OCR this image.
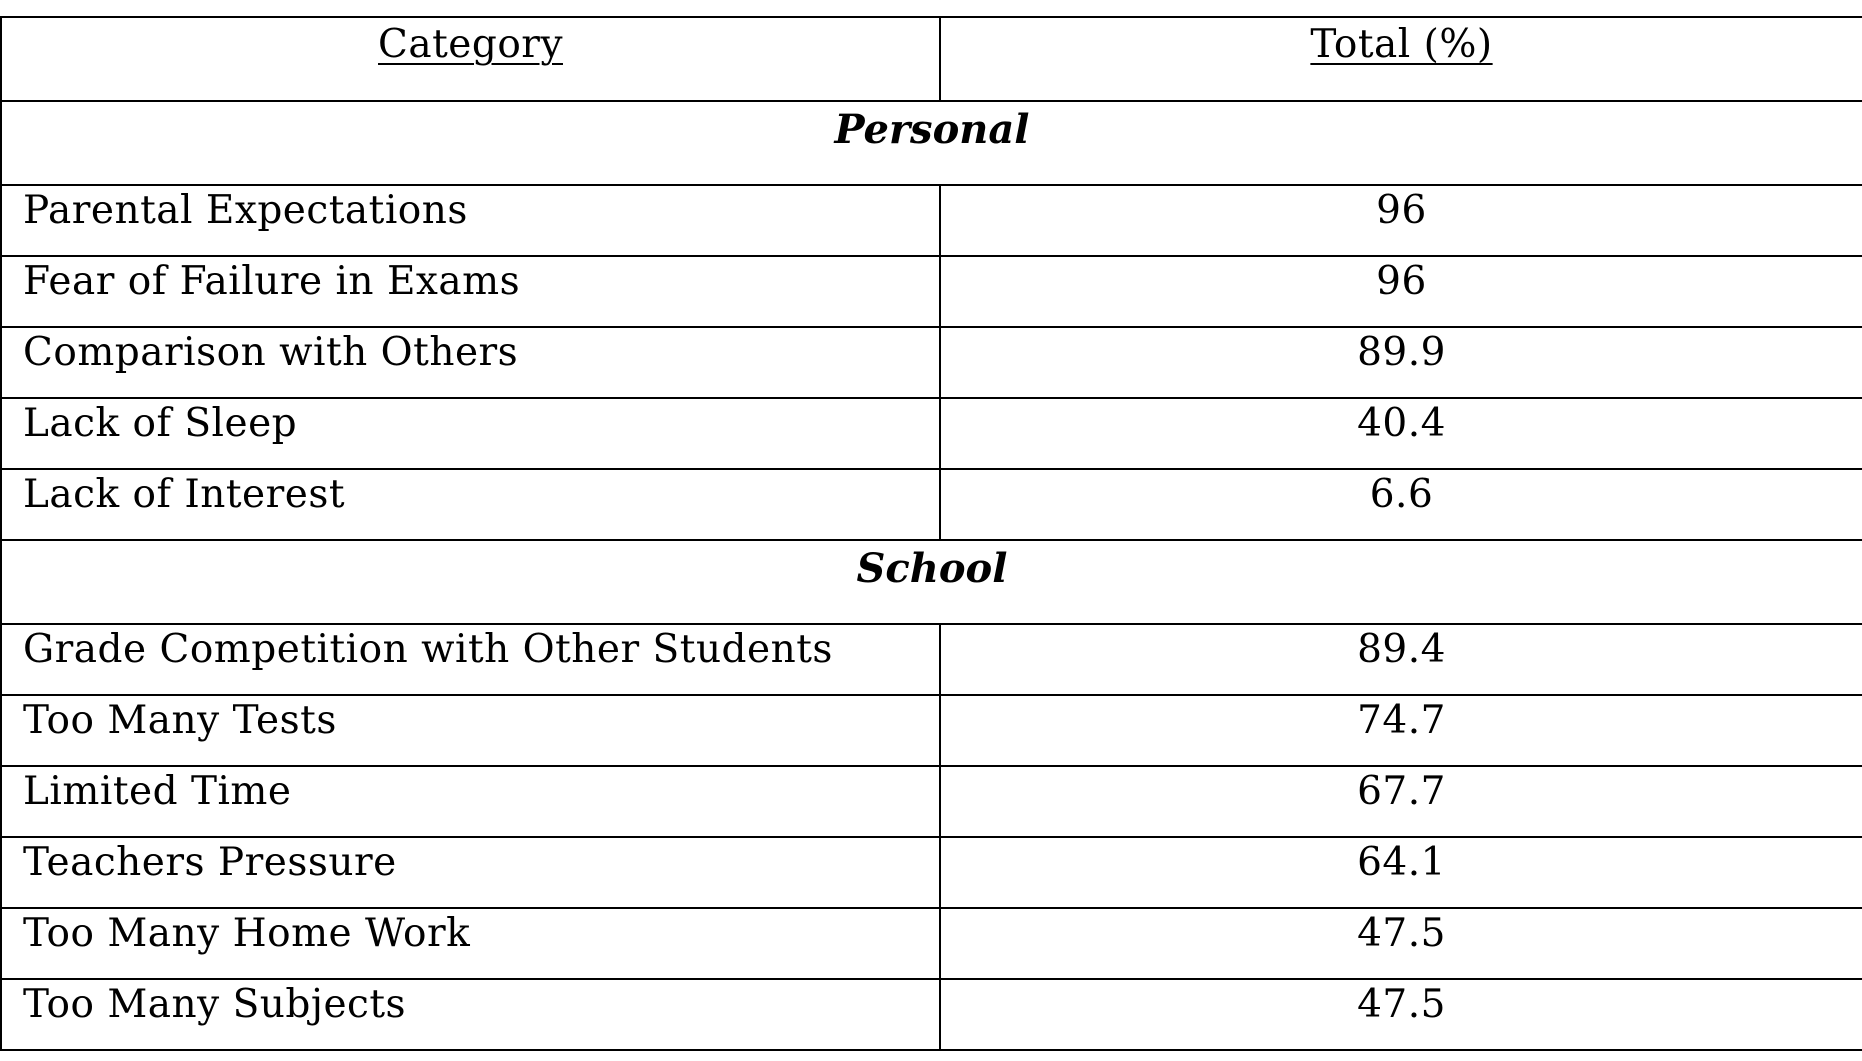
Category	Total (%)
Personal
Parental Expectations	96
Fear of Failure in Exams	96
Comparison with Others	89.9
Lack of Sleep	40.4
Lack of Interest	6.6
School
Grade Competition with Other Students	89.4
Too Many Tests	74.7
Limited Time	67.7
Teachers Pressure	64.1
Too Many Home Work	47.5
Too Many Subjects	47.5
